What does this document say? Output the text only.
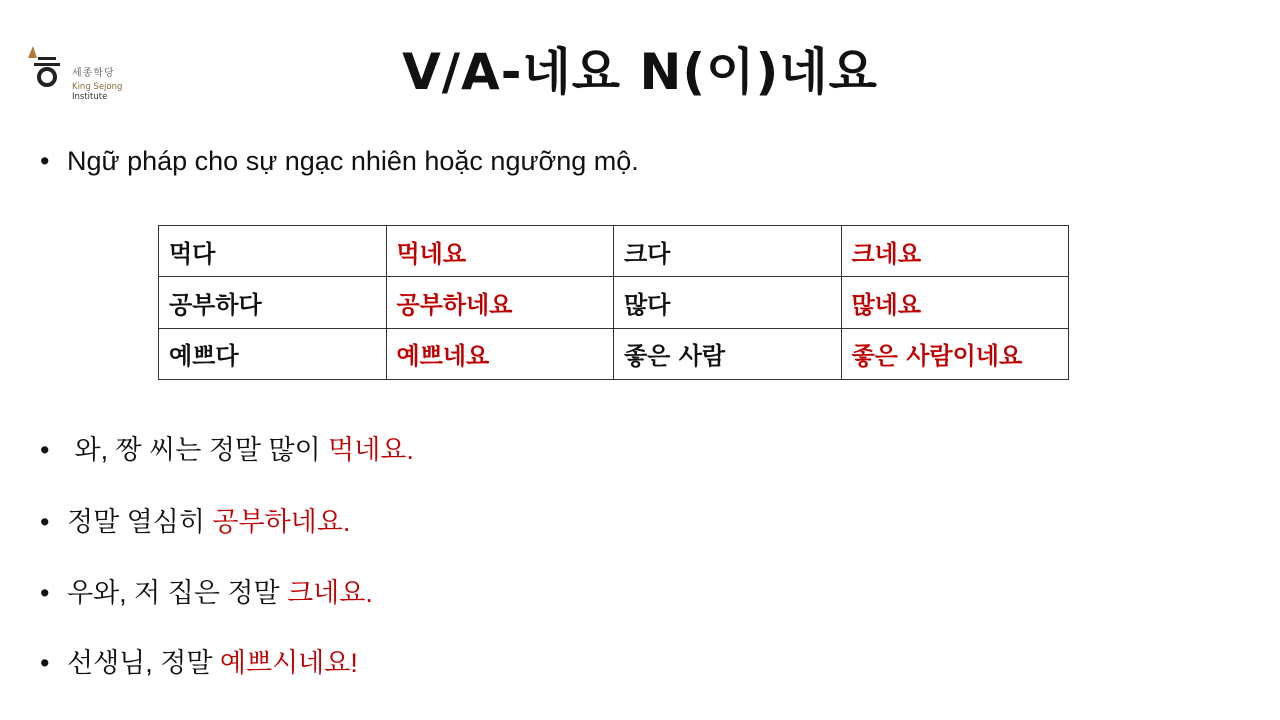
세종학당
King Sejong
Institute	V/A-네요 N(이)네요
• Ngữ pháp cho sự ngạc nhiên hoặc ngưỡng mộ.
먹다	먹네요	크다	크네요
공부하다	공부하네요	많다	많네요
예쁘다	예쁘네요	좋은 사람	좋은 사람이네요
• 와, 짱 씨는 정말 많이 먹네요.
• 정말 열심히 공부하네요.
• 우와, 저 집은 정말 크네요.
• 선생님, 정말 예쁘시네요!
